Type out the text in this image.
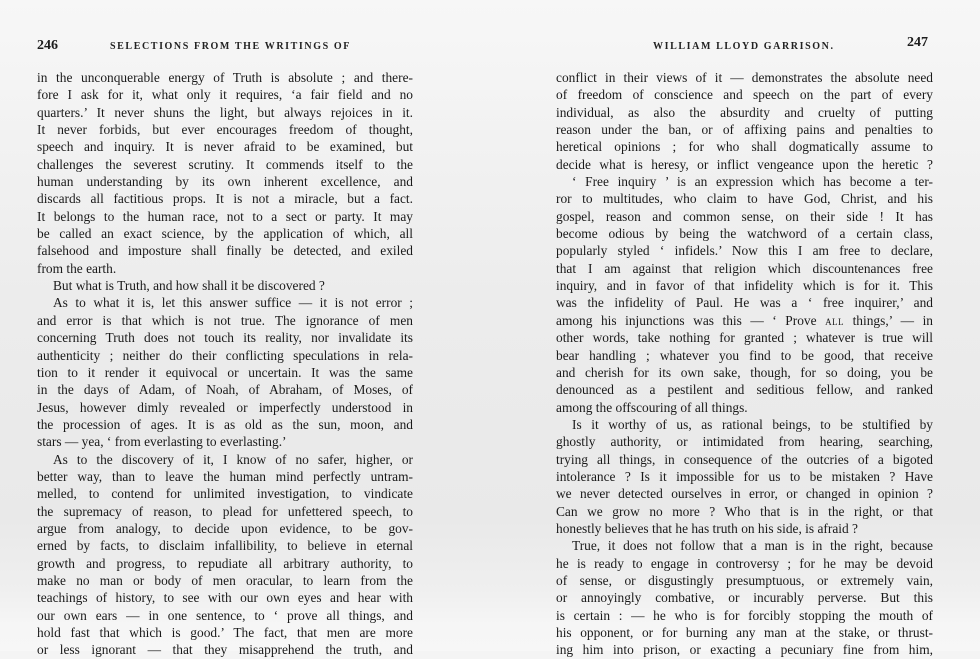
246	SELECTIONS FROM THE WRITINGS OF
in the unconquerable energy of Truth is absolute ; and there-
fore I ask for it, what only it requires, ‘a fair field and no
quarters.’ It never shuns the light, but always rejoices in it.
It never forbids, but ever encourages freedom of thought,
speech and inquiry. It is never afraid to be examined, but
challenges the severest scrutiny. It commends itself to the
human understanding by its own inherent excellence, and
discards all factitious props. It is not a miracle, but a fact.
It belongs to the human race, not to a sect or party. It may
be called an exact science, by the application of which, all
falsehood and imposture shall finally be detected, and exiled
from the earth.
But what is Truth, and how shall it be discovered ?
As to what it is, let this answer suffice — it is not error ;
and error is that which is not true. The ignorance of men
concerning Truth does not touch its reality, nor invalidate its
authenticity ; neither do their conflicting speculations in rela-
tion to it render it equivocal or uncertain. It was the same
in the days of Adam, of Noah, of Abraham, of Moses, of
Jesus, however dimly revealed or imperfectly understood in
the procession of ages. It is as old as the sun, moon, and
stars — yea, ‘ from everlasting to everlasting.’
As to the discovery of it, I know of no safer, higher, or
better way, than to leave the human mind perfectly untram-
melled, to contend for unlimited investigation, to vindicate
the supremacy of reason, to plead for unfettered speech, to
argue from analogy, to decide upon evidence, to be gov-
erned by facts, to disclaim infallibility, to believe in eternal
growth and progress, to repudiate all arbitrary authority, to
make no man or body of men oracular, to learn from the
teachings of history, to see with our own eyes and hear with
our own ears — in one sentence, to ‘ prove all things, and
hold fast that which is good.’ The fact, that men are more
or less ignorant — that they misapprehend the truth, and
WILLIAM LLOYD GARRISON.	247
conflict in their views of it — demonstrates the absolute need
of freedom of conscience and speech on the part of every
individual, as also the absurdity and cruelty of putting
reason under the ban, or of affixing pains and penalties to
heretical opinions ; for who shall dogmatically assume to
decide what is heresy, or inflict vengeance upon the heretic ?
‘ Free inquiry ’ is an expression which has become a ter-
ror to multitudes, who claim to have God, Christ, and his
gospel, reason and common sense, on their side ! It has
become odious by being the watchword of a certain class,
popularly styled ‘ infidels.’ Now this I am free to declare,
that I am against that religion which discountenances free
inquiry, and in favor of that infidelity which is for it. This
was the infidelity of Paul. He was a ‘ free inquirer,’ and
among his injunctions was this — ‘ Prove all things,’ — in
other words, take nothing for granted ; whatever is true will
bear handling ; whatever you find to be good, that receive
and cherish for its own sake, though, for so doing, you be
denounced as a pestilent and seditious fellow, and ranked
among the offscouring of all things.
Is it worthy of us, as rational beings, to be stultified by
ghostly authority, or intimidated from hearing, searching,
trying all things, in consequence of the outcries of a bigoted
intolerance ? Is it impossible for us to be mistaken ? Have
we never detected ourselves in error, or changed in opinion ?
Can we grow no more ? Who that is in the right, or that
honestly believes that he has truth on his side, is afraid ?
True, it does not follow that a man is in the right, because
he is ready to engage in controversy ; for he may be devoid
of sense, or disgustingly presumptuous, or extremely vain,
or annoyingly combative, or incurably perverse. But this
is certain : — he who is for forcibly stopping the mouth of
his opponent, or for burning any man at the stake, or thrust-
ing him into prison, or exacting a pecuniary fine from him,
